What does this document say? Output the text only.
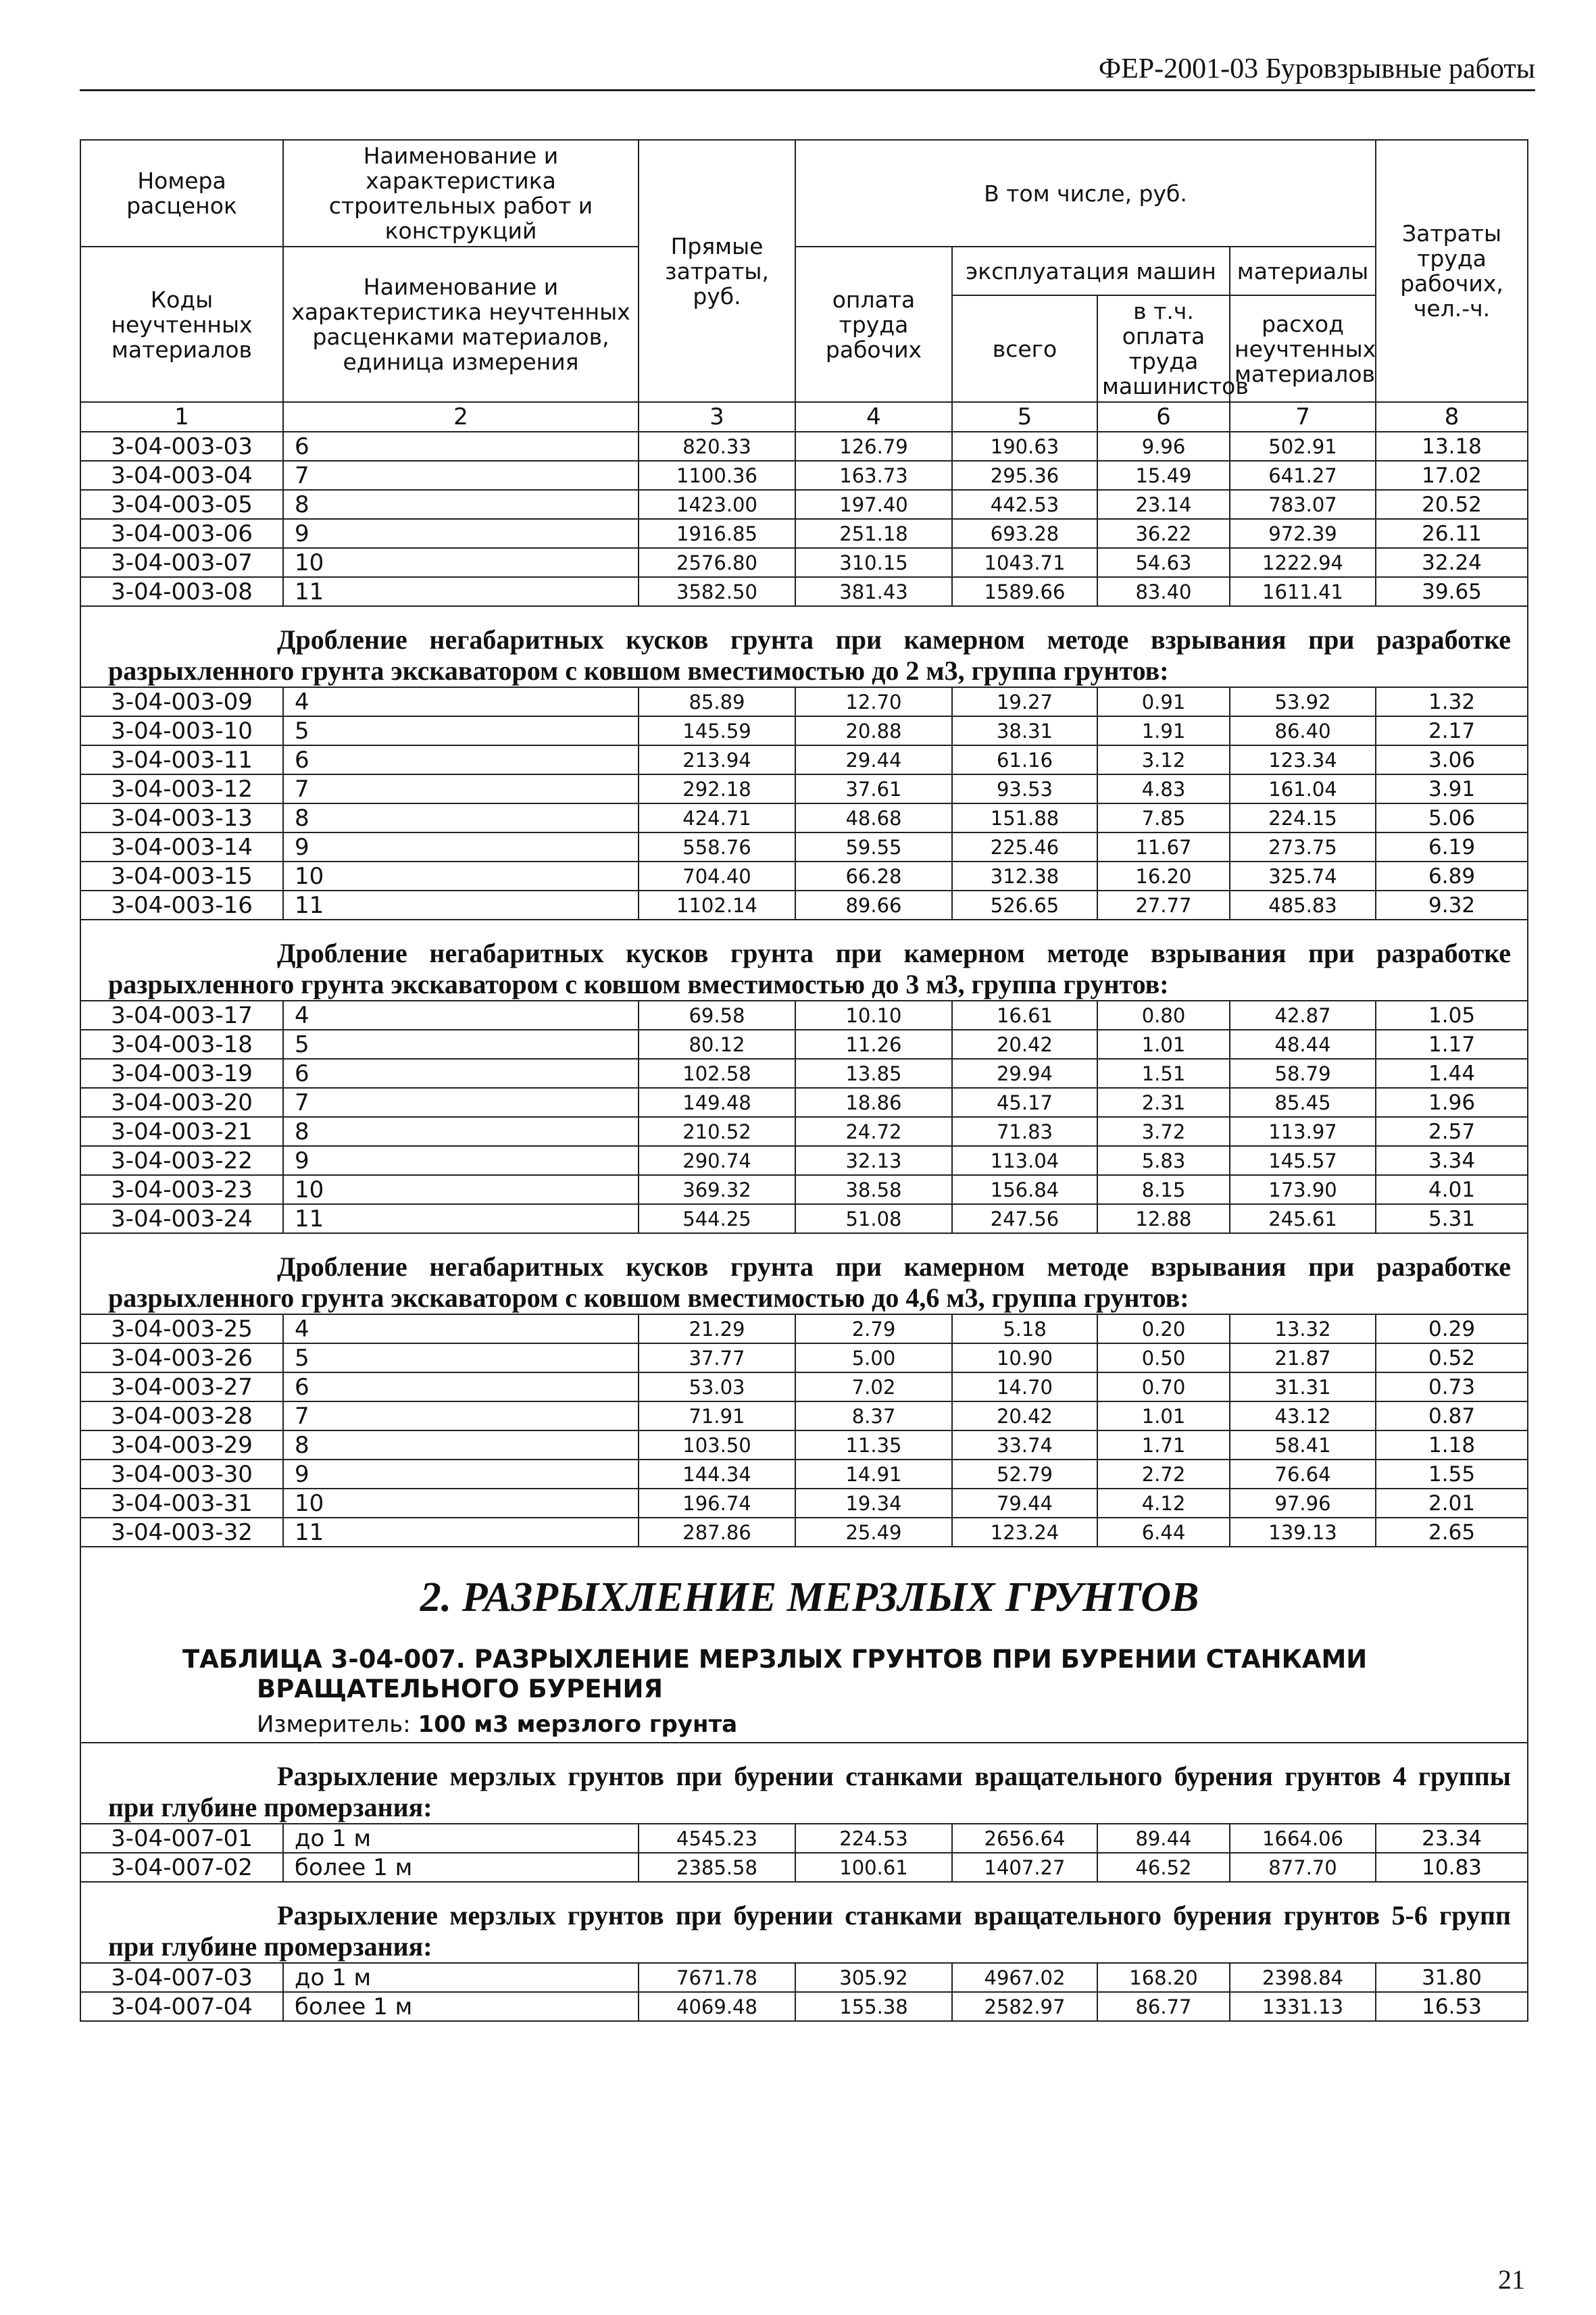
ФЕР-2001-03 Буровзрывные работы
Номера расценок	Наименование и характеристика строительных работ и конструкций	Прямые затраты, руб.	В том числе, руб.				Затраты труда рабочих, чел.-ч.
Коды неучтенных материалов	Наименование и характеристика неучтенных расценками материалов, единица измерения		оплата труда рабочих	эксплуатация машин		материалы	
				всего	в т.ч. оплата труда машинистов	расход неучтенных материалов	
1	2	3	4	5	6	7	8
3-04-003-03	6	820.33	126.79	190.63	9.96	502.91	13.18
3-04-003-04	7	1100.36	163.73	295.36	15.49	641.27	17.02
3-04-003-05	8	1423.00	197.40	442.53	23.14	783.07	20.52
3-04-003-06	9	1916.85	251.18	693.28	36.22	972.39	26.11
3-04-003-07	10	2576.80	310.15	1043.71	54.63	1222.94	32.24
3-04-003-08	11	3582.50	381.43	1589.66	83.40	1611.41	39.65
Дробление негабаритных кусков грунта при камерном методе взрывания при разработке разрыхленного грунта экскаватором с ковшом вместимостью до 2 м3, группа грунтов:							
3-04-003-09	4	85.89	12.70	19.27	0.91	53.92	1.32
3-04-003-10	5	145.59	20.88	38.31	1.91	86.40	2.17
3-04-003-11	6	213.94	29.44	61.16	3.12	123.34	3.06
3-04-003-12	7	292.18	37.61	93.53	4.83	161.04	3.91
3-04-003-13	8	424.71	48.68	151.88	7.85	224.15	5.06
3-04-003-14	9	558.76	59.55	225.46	11.67	273.75	6.19
3-04-003-15	10	704.40	66.28	312.38	16.20	325.74	6.89
3-04-003-16	11	1102.14	89.66	526.65	27.77	485.83	9.32
Дробление негабаритных кусков грунта при камерном методе взрывания при разработке разрыхленного грунта экскаватором с ковшом вместимостью до 3 м3, группа грунтов:							
3-04-003-17	4	69.58	10.10	16.61	0.80	42.87	1.05
3-04-003-18	5	80.12	11.26	20.42	1.01	48.44	1.17
3-04-003-19	6	102.58	13.85	29.94	1.51	58.79	1.44
3-04-003-20	7	149.48	18.86	45.17	2.31	85.45	1.96
3-04-003-21	8	210.52	24.72	71.83	3.72	113.97	2.57
3-04-003-22	9	290.74	32.13	113.04	5.83	145.57	3.34
3-04-003-23	10	369.32	38.58	156.84	8.15	173.90	4.01
3-04-003-24	11	544.25	51.08	247.56	12.88	245.61	5.31
Дробление негабаритных кусков грунта при камерном методе взрывания при разработке разрыхленного грунта экскаватором с ковшом вместимостью до 4,6 м3, группа грунтов:							
3-04-003-25	4	21.29	2.79	5.18	0.20	13.32	0.29
3-04-003-26	5	37.77	5.00	10.90	0.50	21.87	0.52
3-04-003-27	6	53.03	7.02	14.70	0.70	31.31	0.73
3-04-003-28	7	71.91	8.37	20.42	1.01	43.12	0.87
3-04-003-29	8	103.50	11.35	33.74	1.71	58.41	1.18
3-04-003-30	9	144.34	14.91	52.79	2.72	76.64	1.55
3-04-003-31	10	196.74	19.34	79.44	4.12	97.96	2.01
3-04-003-32	11	287.86	25.49	123.24	6.44	139.13	2.65

2. РАЗРЫХЛЕНИЕ МЕРЗЛЫХ ГРУНТОВ
ТАБЛИЦА 3-04-007. РАЗРЫХЛЕНИЕ МЕРЗЛЫХ ГРУНТОВ ПРИ БУРЕНИИ СТАНКАМИ ВРАЩАТЕЛЬНОГО БУРЕНИЯ
Измеритель: 100 м3 мерзлого грунта							

Разрыхление мерзлых грунтов при бурении станками вращательного бурения грунтов 4 группы при глубине промерзания:							
3-04-007-01	до 1 м	4545.23	224.53	2656.64	89.44	1664.06	23.34
3-04-007-02	более 1 м	2385.58	100.61	1407.27	46.52	877.70	10.83
Разрыхление мерзлых грунтов при бурении станками вращательного бурения грунтов 5-6 групп при глубине промерзания:							
3-04-007-03	до 1 м	7671.78	305.92	4967.02	168.20	2398.84	31.80
3-04-007-04	более 1 м	4069.48	155.38	2582.97	86.77	1331.13	16.53
21
